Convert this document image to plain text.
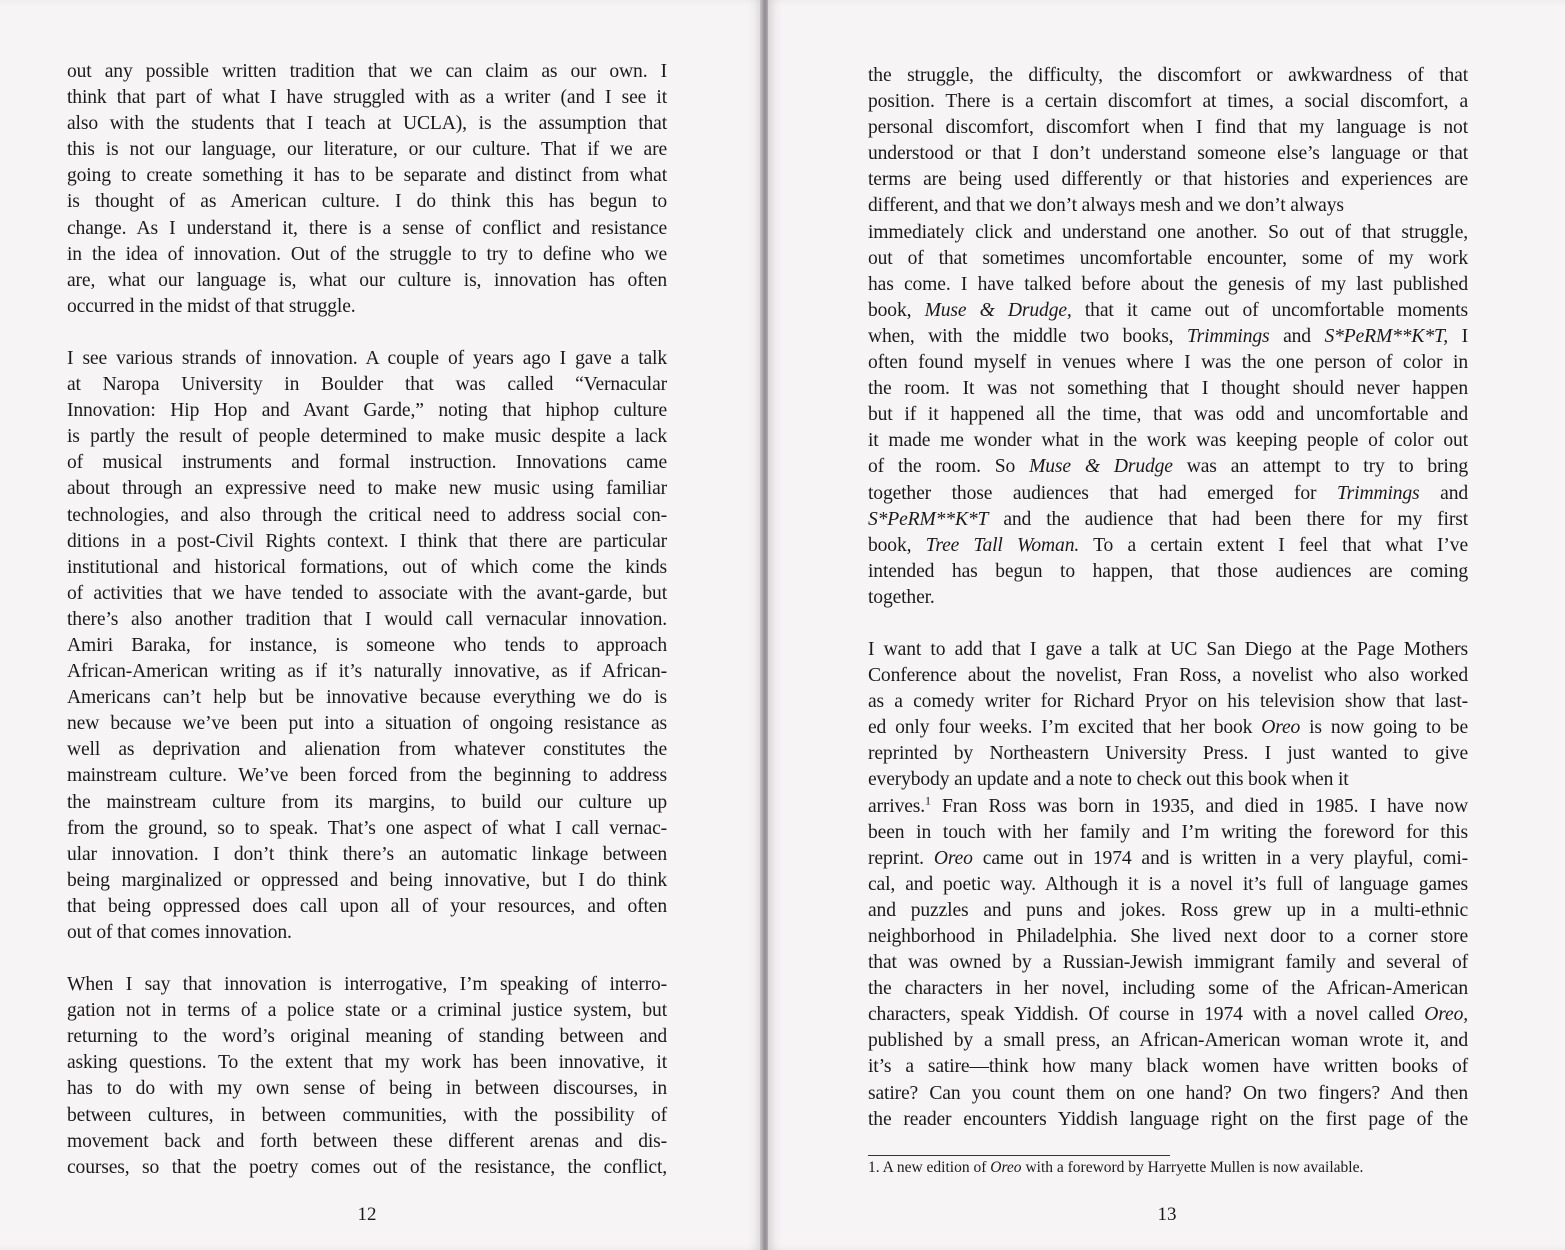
out any possible written tradition that we can claim as our own. I
think that part of what I have struggled with as a writer (and I see it
also with the students that I teach at UCLA), is the assumption that
this is not our language, our literature, or our culture. That if we are
going to create something it has to be separate and distinct from what
is thought of as American culture. I do think this has begun to
change. As I understand it, there is a sense of conflict and resistance
in the idea of innovation. Out of the struggle to try to define who we
are, what our language is, what our culture is, innovation has often
occurred in the midst of that struggle.
I see various strands of innovation. A couple of years ago I gave a talk
at Naropa University in Boulder that was called “Vernacular
Innovation: Hip Hop and Avant Garde,” noting that hiphop culture
is partly the result of people determined to make music despite a lack
of musical instruments and formal instruction. Innovations came
about through an expressive need to make new music using familiar
technologies, and also through the critical need to address social con-
ditions in a post-Civil Rights context. I think that there are particular
institutional and historical formations, out of which come the kinds
of activities that we have tended to associate with the avant-garde, but
there’s also another tradition that I would call vernacular innovation.
Amiri Baraka, for instance, is someone who tends to approach
African-American writing as if it’s naturally innovative, as if African-
Americans can’t help but be innovative because everything we do is
new because we’ve been put into a situation of ongoing resistance as
well as deprivation and alienation from whatever constitutes the
mainstream culture. We’ve been forced from the beginning to address
the mainstream culture from its margins, to build our culture up
from the ground, so to speak. That’s one aspect of what I call vernac-
ular innovation. I don’t think there’s an automatic linkage between
being marginalized or oppressed and being innovative, but I do think
that being oppressed does call upon all of your resources, and often
out of that comes innovation.
When I say that innovation is interrogative, I’m speaking of interro-
gation not in terms of a police state or a criminal justice system, but
returning to the word’s original meaning of standing between and
asking questions. To the extent that my work has been innovative, it
has to do with my own sense of being in between discourses, in
between cultures, in between communities, with the possibility of
movement back and forth between these different arenas and dis-
courses, so that the poetry comes out of the resistance, the conflict,
12
the struggle, the difficulty, the discomfort or awkwardness of that
position. There is a certain discomfort at times, a social discomfort, a
personal discomfort, discomfort when I find that my language is not
understood or that I don’t understand someone else’s language or that
terms are being used differently or that histories and experiences are
different, and that we don’t always mesh and we don’t always
immediately click and understand one another. So out of that struggle,
out of that sometimes uncomfortable encounter, some of my work
has come. I have talked before about the genesis of my last published
book, Muse & Drudge, that it came out of uncomfortable moments
when, with the middle two books, Trimmings and S*PeRM**K*T, I
often found myself in venues where I was the one person of color in
the room. It was not something that I thought should never happen
but if it happened all the time, that was odd and uncomfortable and
it made me wonder what in the work was keeping people of color out
of the room. So Muse & Drudge was an attempt to try to bring
together those audiences that had emerged for Trimmings and
S*PeRM**K*T and the audience that had been there for my first
book, Tree Tall Woman. To a certain extent I feel that what I’ve
intended has begun to happen, that those audiences are coming
together.
I want to add that I gave a talk at UC San Diego at the Page Mothers
Conference about the novelist, Fran Ross, a novelist who also worked
as a comedy writer for Richard Pryor on his television show that last-
ed only four weeks. I’m excited that her book Oreo is now going to be
reprinted by Northeastern University Press. I just wanted to give
everybody an update and a note to check out this book when it
arrives.$^1$ Fran Ross was born in 1935, and died in 1985. I have now
been in touch with her family and I’m writing the foreword for this
reprint. Oreo came out in 1974 and is written in a very playful, comi-
cal, and poetic way. Although it is a novel it’s full of language games
and puzzles and puns and jokes. Ross grew up in a multi-ethnic
neighborhood in Philadelphia. She lived next door to a corner store
that was owned by a Russian-Jewish immigrant family and several of
the characters in her novel, including some of the African-American
characters, speak Yiddish. Of course in 1974 with a novel called Oreo,
published by a small press, an African-American woman wrote it, and
it’s a satire—think how many black women have written books of
satire? Can you count them on one hand? On two fingers? And then
the reader encounters Yiddish language right on the first page of the
1. A new edition of Oreo with a foreword by Harryette Mullen is now available.
13
